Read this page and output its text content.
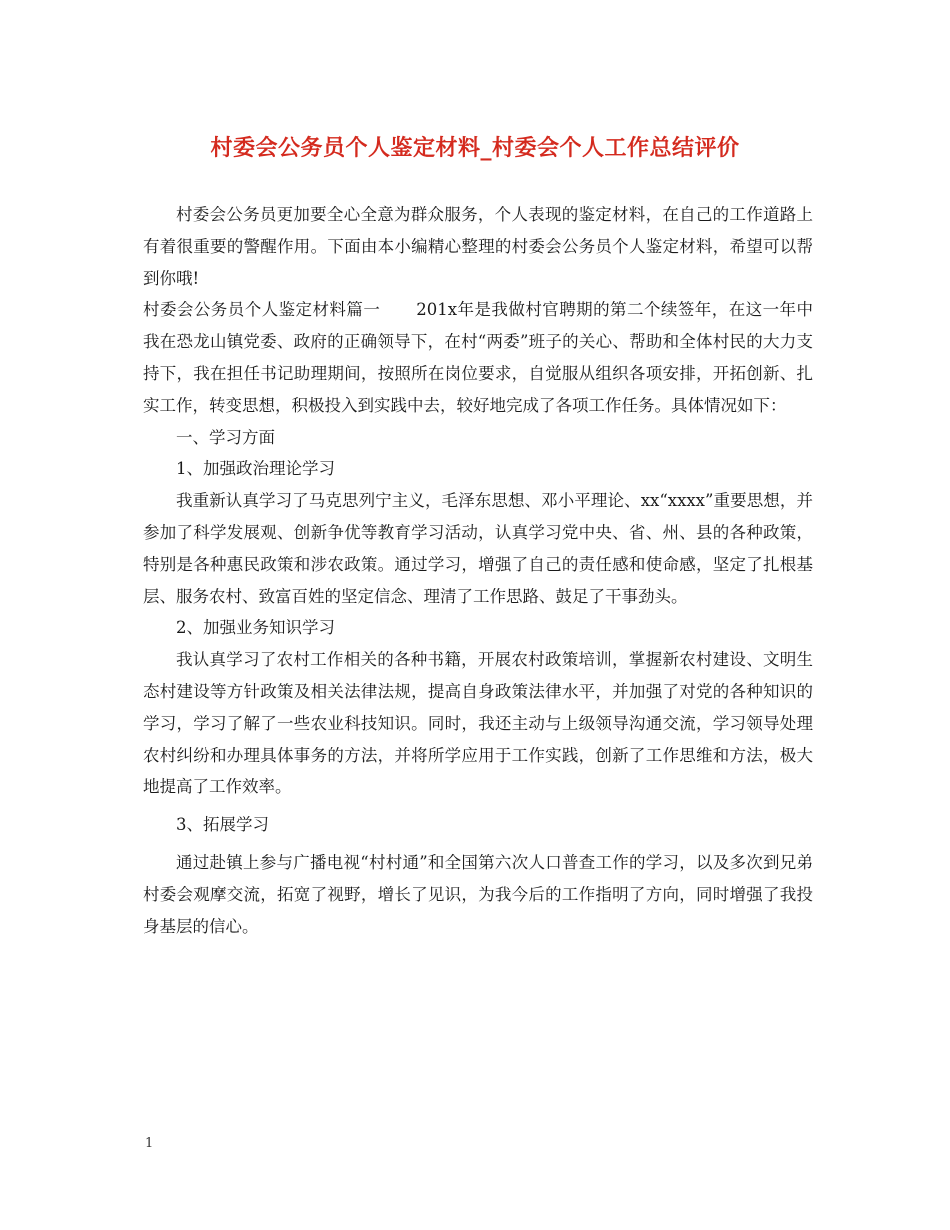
村委会公务员个人鉴定材料_村委会个人工作总结评价

村委会公务员更加要全心全意为群众服务，个人表现的鉴定材料，在自己的工作道路上有着很重要的警醒作用。下面由本小编精心整理的村委会公务员个人鉴定材料，希望可以帮到你哦!

村委会公务员个人鉴定材料篇一 201x年是我做村官聘期的第二个续签年，在这一年中我在恐龙山镇党委、政府的正确领导下，在村“两委”班子的关心、帮助和全体村民的大力支持下，我在担任书记助理期间，按照所在岗位要求，自觉服从组织各项安排，开拓创新、扎实工作，转变思想，积极投入到实践中去，较好地完成了各项工作任务。具体情况如下：

一、学习方面

1、加强政治理论学习

我重新认真学习了马克思列宁主义，毛泽东思想、邓小平理论、xx“xxxx”重要思想，并参加了科学发展观、创新争优等教育学习活动，认真学习党中央、省、州、县的各种政策，特别是各种惠民政策和涉农政策。通过学习，增强了自己的责任感和使命感，坚定了扎根基层、服务农村、致富百姓的坚定信念、理清了工作思路、鼓足了干事劲头。

2、加强业务知识学习

我认真学习了农村工作相关的各种书籍，开展农村政策培训，掌握新农村建设、文明生态村建设等方针政策及相关法律法规，提高自身政策法律水平，并加强了对党的各种知识的学习，学习了解了一些农业科技知识。同时，我还主动与上级领导沟通交流，学习领导处理农村纠纷和办理具体事务的方法，并将所学应用于工作实践，创新了工作思维和方法，极大地提高了工作效率。

3、拓展学习

通过赴镇上参与广播电视“村村通”和全国第六次人口普查工作的学习，以及多次到兄弟村委会观摩交流，拓宽了视野，增长了见识，为我今后的工作指明了方向，同时增强了我投身基层的信心。

1
